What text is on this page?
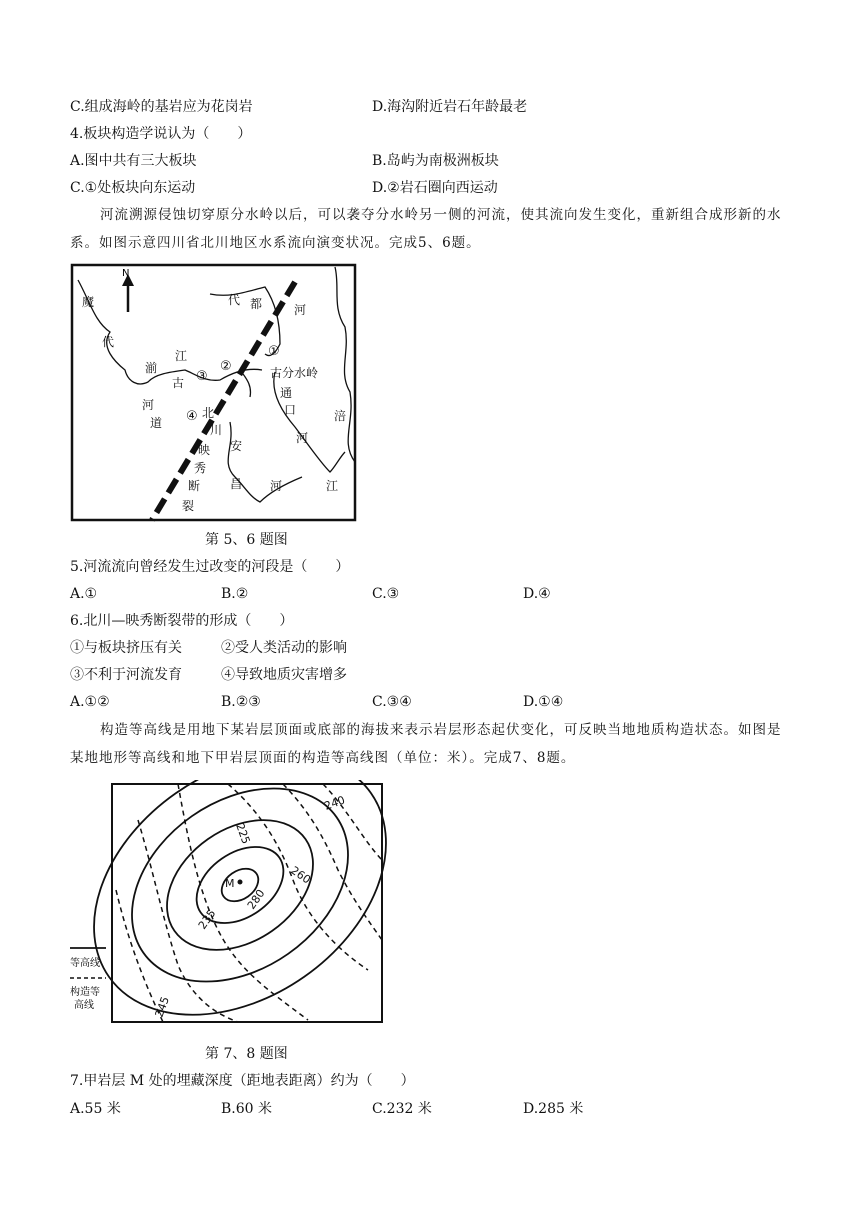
C.组成海岭的基岩应为花岗岩	D.海沟附近岩石年龄最老
4.板块构造学说认为（　　）
A.图中共有三大板块	B.岛屿为南极洲板块
C.①处板块向东运动	D.②岩石圈向西运动
河流溯源侵蚀切穿原分水岭以后，可以袭夺分水岭另一侧的河流，使其流向发生变化，重新组合成形新的水系。如图示意四川省北川地区水系流向演变状况。完成5、6题。
N
①
②
③
④
魔
代
都	河
代
湔
江
古
河
道
北
川
映
秀
断
裂
古分水岭
通
口
河
安
昌 河
涪
江
第 5、6 题图
5.河流流向曾经发生过改变的河段是（　　）
A.①	B.②	C.③	D.④
6.北川—映秀断裂带的形成（　　）
①与板块挤压有关	②受人类活动的影响
③不利于河流发育	④导致地质灾害增多
A.①②	B.②③	C.③④	D.①④
构造等高线是用地下某岩层顶面或底部的海拔来表示岩层形态起伏变化，可反映当地地质构造状态。如图是某地地形等高线和地下甲岩层顶面的构造等高线图（单位：米）。完成7、8题。
225
240
260
280
235
245
M
等高线
构造等
高线
第 7、8 题图
7.甲岩层 M 处的埋藏深度（距地表距离）约为（　　）
A.55 米	B.60 米	C.232 米	D.285 米
